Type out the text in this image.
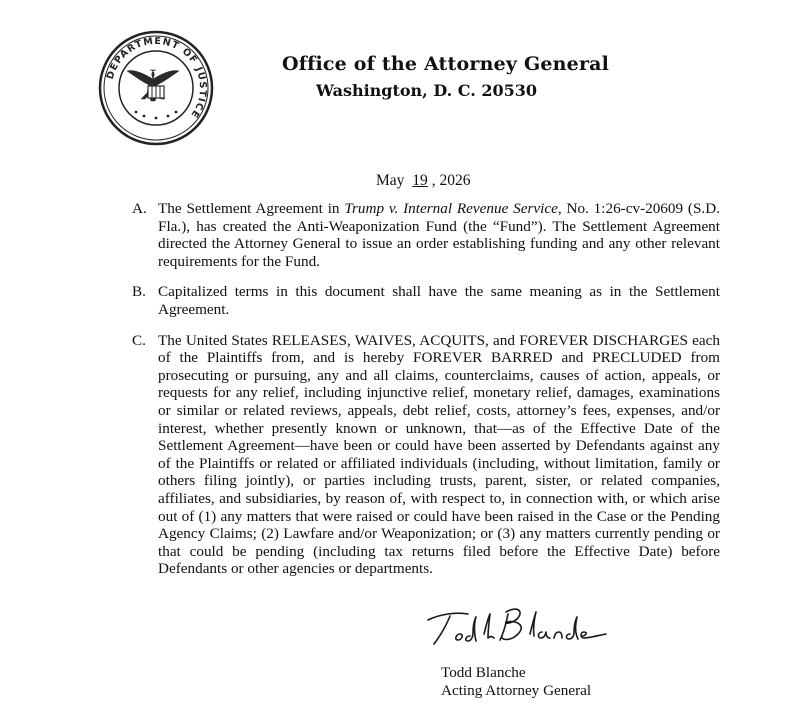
DEPARTMENT OF JUSTICE
Office of the Attorney General
Washington, D. C. 20530
May 19 , 2026
A. The Settlement Agreement in Trump v. Internal Revenue Service, No. 1:26-cv-20609 (S.D. Fla.), has created the Anti-Weaponization Fund (the “Fund”). The Settlement Agreement directed the Attorney General to issue an order establishing funding and any other relevant requirements for the Fund.
B. Capitalized terms in this document shall have the same meaning as in the Settlement Agreement.
C. The United States RELEASES, WAIVES, ACQUITS, and FOREVER DISCHARGES each of the Plaintiffs from, and is hereby FOREVER BARRED and PRECLUDED from prosecuting or pursuing, any and all claims, counterclaims, causes of action, appeals, or requests for any relief, including injunctive relief, monetary relief, damages, examinations or similar or related reviews, appeals, debt relief, costs, attorney’s fees, expenses, and/or interest, whether presently known or unknown, that—as of the Effective Date of the Settlement Agreement—have been or could have been asserted by Defendants against any of the Plaintiffs or related or affiliated individuals (including, without limitation, family or others filing jointly), or parties including trusts, parent, sister, or related companies, affiliates, and subsidiaries, by reason of, with respect to, in connection with, or which arise out of (1) any matters that were raised or could have been raised in the Case or the Pending Agency Claims; (2) Lawfare and/or Weaponization; or (3) any matters currently pending or that could be pending (including tax returns filed before the Effective Date) before Defendants or other agencies or departments.
Todd Blanche
Acting Attorney General
